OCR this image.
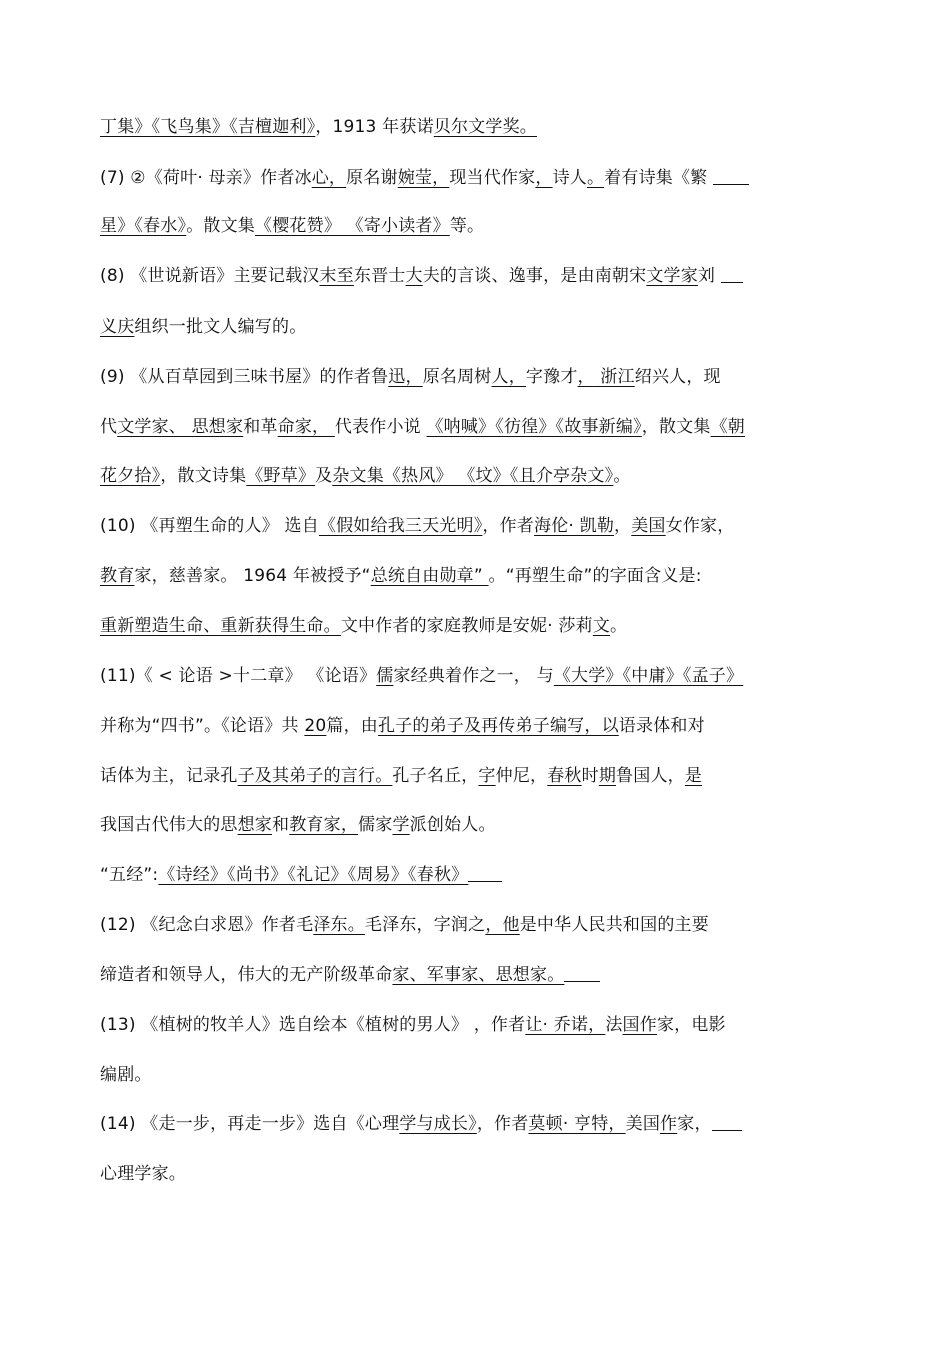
丁集》《飞鸟集》《吉檀迦利》，1913 年获诺贝尔文学奖。
(7) ②《荷叶· 母亲》作者冰心，原名谢婉莹，现当代作家，诗人。着有诗集《繁
星》《春水》。散文集《樱花赞》 《寄小读者》等。
(8) 《世说新语》主要记载汉末至东晋士大夫的言谈、逸事，是由南朝宋文学家刘
义庆组织一批文人编写的。
(9) 《从百草园到三味书屋》的作者鲁迅，原名周树人，字豫才， 浙江绍兴人，现
代文学家、 思想家和革命家， 代表作小说 《呐喊》《彷徨》《故事新编》，散文集《朝
花夕拾》，散文诗集《野草》及杂文集《热风》 《坟》《且介亭杂文》。
(10) 《再塑生命的人》 选自《假如给我三天光明》，作者海伦· 凯勒，美国女作家，
教育家，慈善家。 1964 年被授予“总统自由勋章” 。“再塑生命”的字面含义是:
重新塑造生命、重新获得生命。文中作者的家庭教师是安妮· 莎莉文。
(11)《 < 论语 >十二章》 《论语》儒家经典着作之一， 与《大学》《中庸》《孟子》
并称为“四书”。《论语》共 20篇，由孔子的弟子及再传弟子编写，以语录体和对
话体为主，记录孔子及其弟子的言行。孔子名丘，字仲尼，春秋时期鲁国人，是
我国古代伟大的思想家和教育家，儒家学派创始人。
“五经”:《诗经》《尚书》《礼记》《周易》《春秋》
(12) 《纪念白求恩》作者毛泽东。毛泽东，字润之，他是中华人民共和国的主要
缔造者和领导人，伟大的无产阶级革命家、军事家、思想家。
(13) 《植树的牧羊人》选自绘本《植树的男人》 ，作者让· 乔诺，法国作家，电影
编剧。
(14) 《走一步，再走一步》选自《心理学与成长》，作者莫顿· 亨特，美国作家，
心理学家。
